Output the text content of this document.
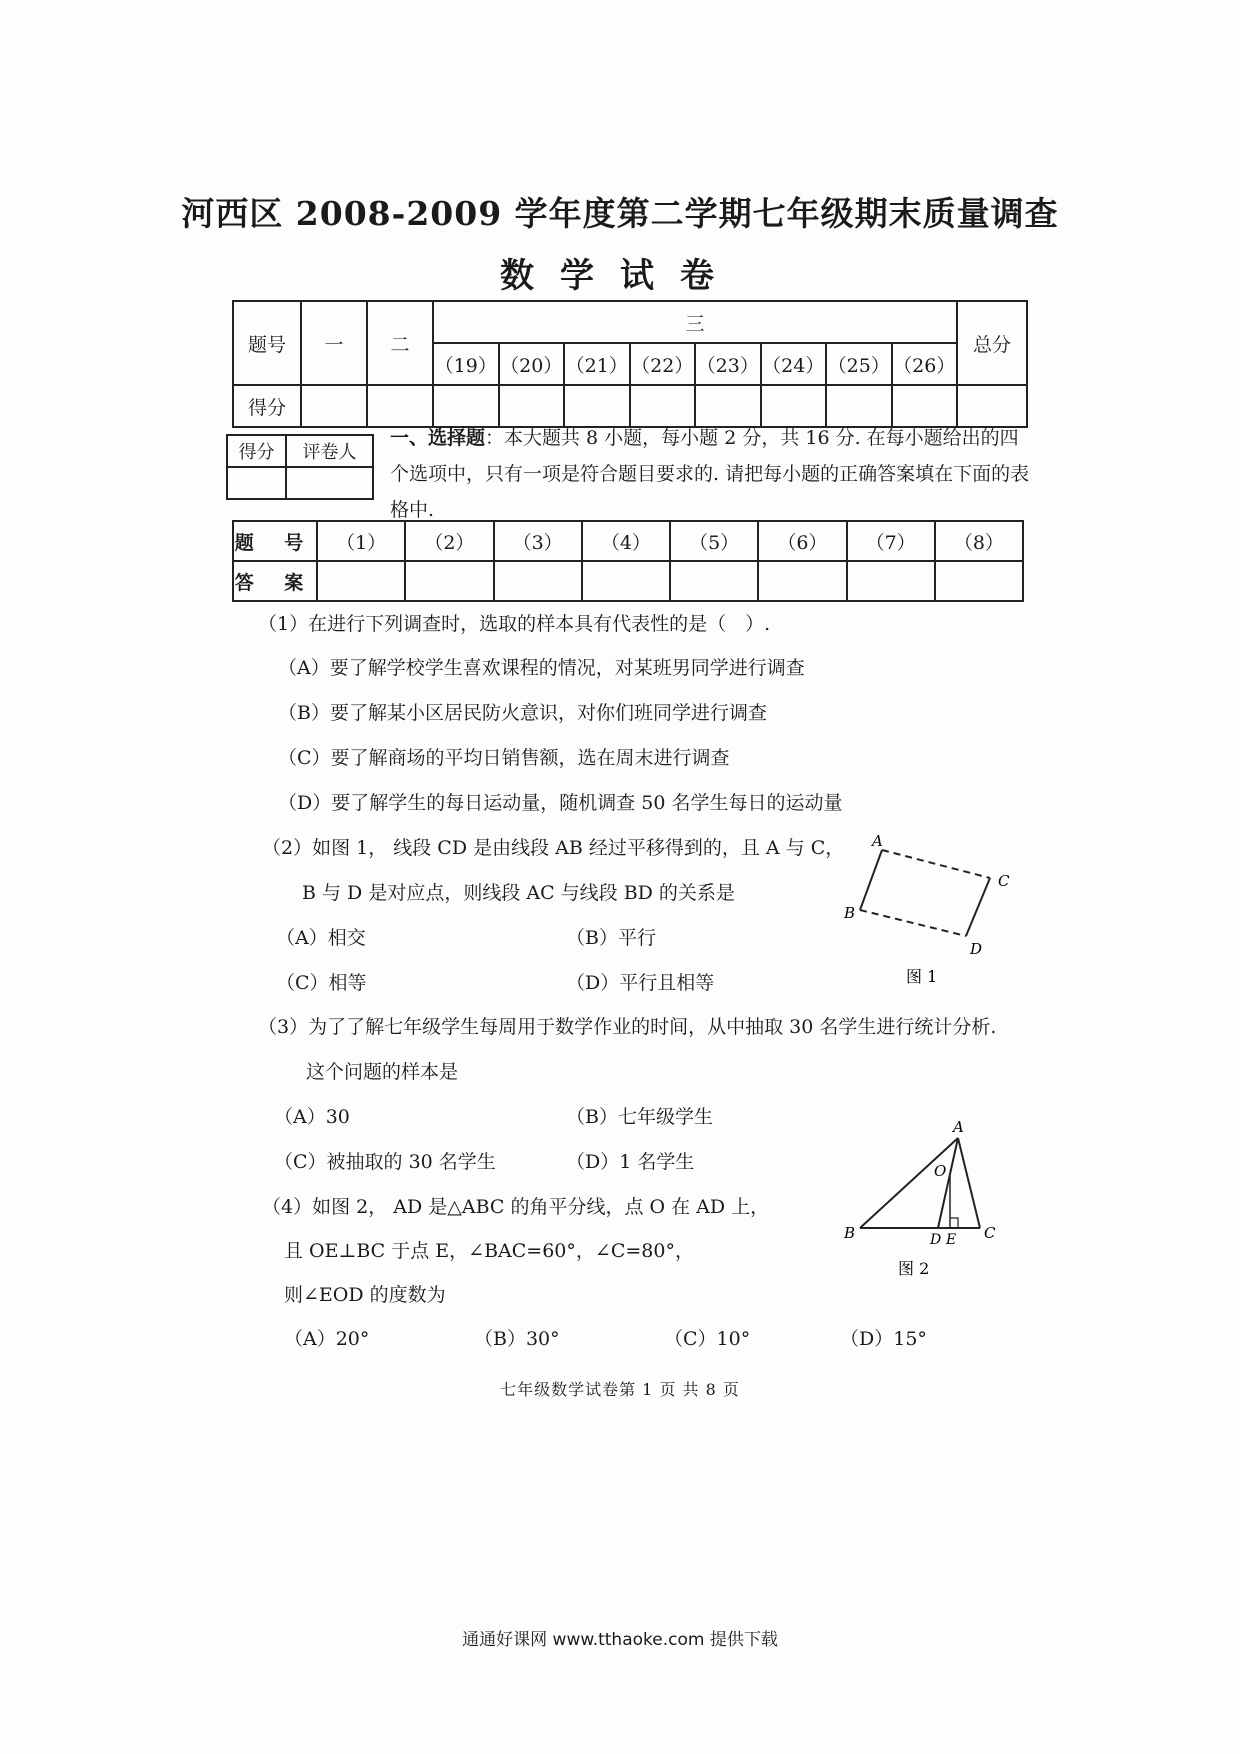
河西区 2008-2009 学年度第二学期七年级期末质量调查
数学试卷
题号	一	二	三								总分
			（19）	（20）	（21）	（22）	（23）	（24）	（25）	（26）	
得分											
得分	评卷人

一、选择题：本大题共 8 小题，每小题 2 分，共 16 分. 在每小题给出的四个选项中，只有一项是符合题目要求的. 请把每小题的正确答案填在下面的表格中.
题 号	（1）	（2）	（3）	（4）	（5）	（6）	（7）	（8）
答 案								
（1）在进行下列调查时，选取的样本具有代表性的是（　）.
（A）要了解学校学生喜欢课程的情况，对某班男同学进行调查
（B）要了解某小区居民防火意识，对你们班同学进行调查
（C）要了解商场的平均日销售额，选在周末进行调查
（D）要了解学生的每日运动量，随机调查 50 名学生每日的运动量
（2）如图 1， 线段 CD 是由线段 AB 经过平移得到的，且 A 与 C，
B 与 D 是对应点，则线段 AC 与线段 BD 的关系是
（A）相交	（B）平行
（C）相等	（D）平行且相等
A
B
C
D
图 1
（3）为了了解七年级学生每周用于数学作业的时间，从中抽取 30 名学生进行统计分析.
这个问题的样本是
（A）30	（B）七年级学生
（C）被抽取的 30 名学生	（D）1 名学生
（4）如图 2， AD 是△ABC 的角平分线，点 O 在 AD 上，
且 OE⊥BC 于点 E，∠BAC=60°，∠C=80°，
则∠EOD 的度数为
（A）20°	（B）30°	（C）10°	（D）15°
A
O
B	D E C
图 2
七年级数学试卷第 1 页 共 8 页
通通好课网 www.tthaoke.com 提供下载
